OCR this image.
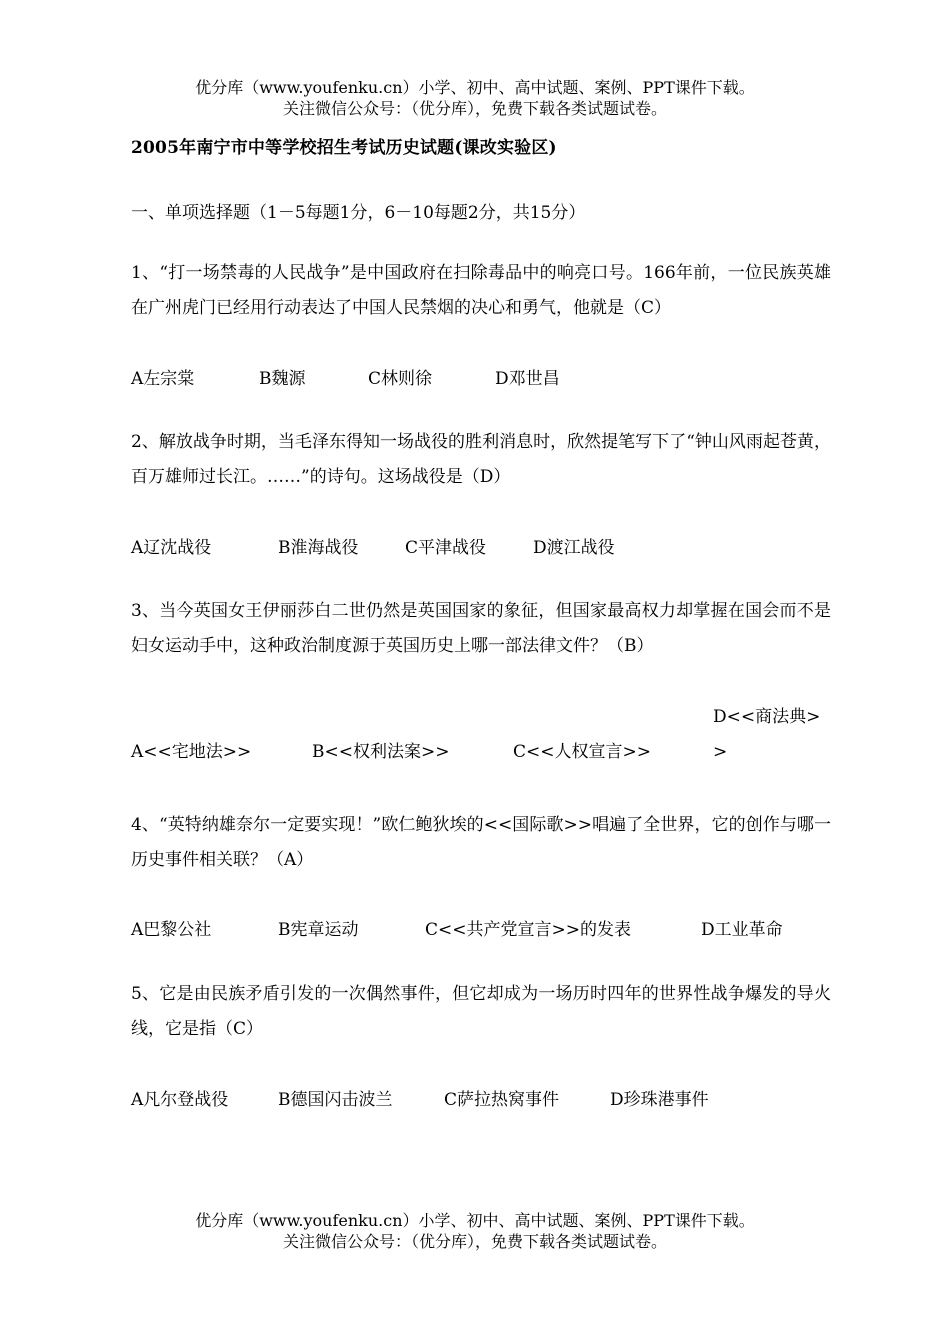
优分库（www.youfenku.cn）小学、初中、高中试题、案例、PPT课件下载。
关注微信公众号：（优分库），免费下载各类试题试卷。
2005年南宁市中等学校招生考试历史试题(课改实验区)
一、单项选择题（1－5每题1分，6－10每题2分，共15分）
1、“打一场禁毒的人民战争”是中国政府在扫除毒品中的响亮口号。166年前，一位民族英雄在广州虎门已经用行动表达了中国人民禁烟的决心和勇气，他就是（C）
A左宗棠	B魏源	C林则徐	D邓世昌
2、解放战争时期，当毛泽东得知一场战役的胜利消息时，欣然提笔写下了“钟山风雨起苍黄，百万雄师过长江。……”的诗句。这场战役是（D）
A辽沈战役	B淮海战役	C平津战役	D渡江战役
3、当今英国女王伊丽莎白二世仍然是英国国家的象征，但国家最高权力却掌握在国会而不是妇女运动手中，这种政治制度源于英国历史上哪一部法律文件？（B）
A<<宅地法>>	B<<权利法案>>	C<<人权宣言>>D<<商法典>>
4、“英特纳雄奈尔一定要实现！”欧仁鲍狄埃的<<国际歌>>唱遍了全世界，它的创作与哪一历史事件相关联？（A）
A巴黎公社	B宪章运动	C<<共产党宣言>>的发表	D工业革命
5、它是由民族矛盾引发的一次偶然事件，但它却成为一场历时四年的世界性战争爆发的导火线，它是指（C）
A凡尔登战役	B德国闪击波兰	C萨拉热窝事件	D珍珠港事件
优分库（www.youfenku.cn）小学、初中、高中试题、案例、PPT课件下载。
关注微信公众号：（优分库），免费下载各类试题试卷。
